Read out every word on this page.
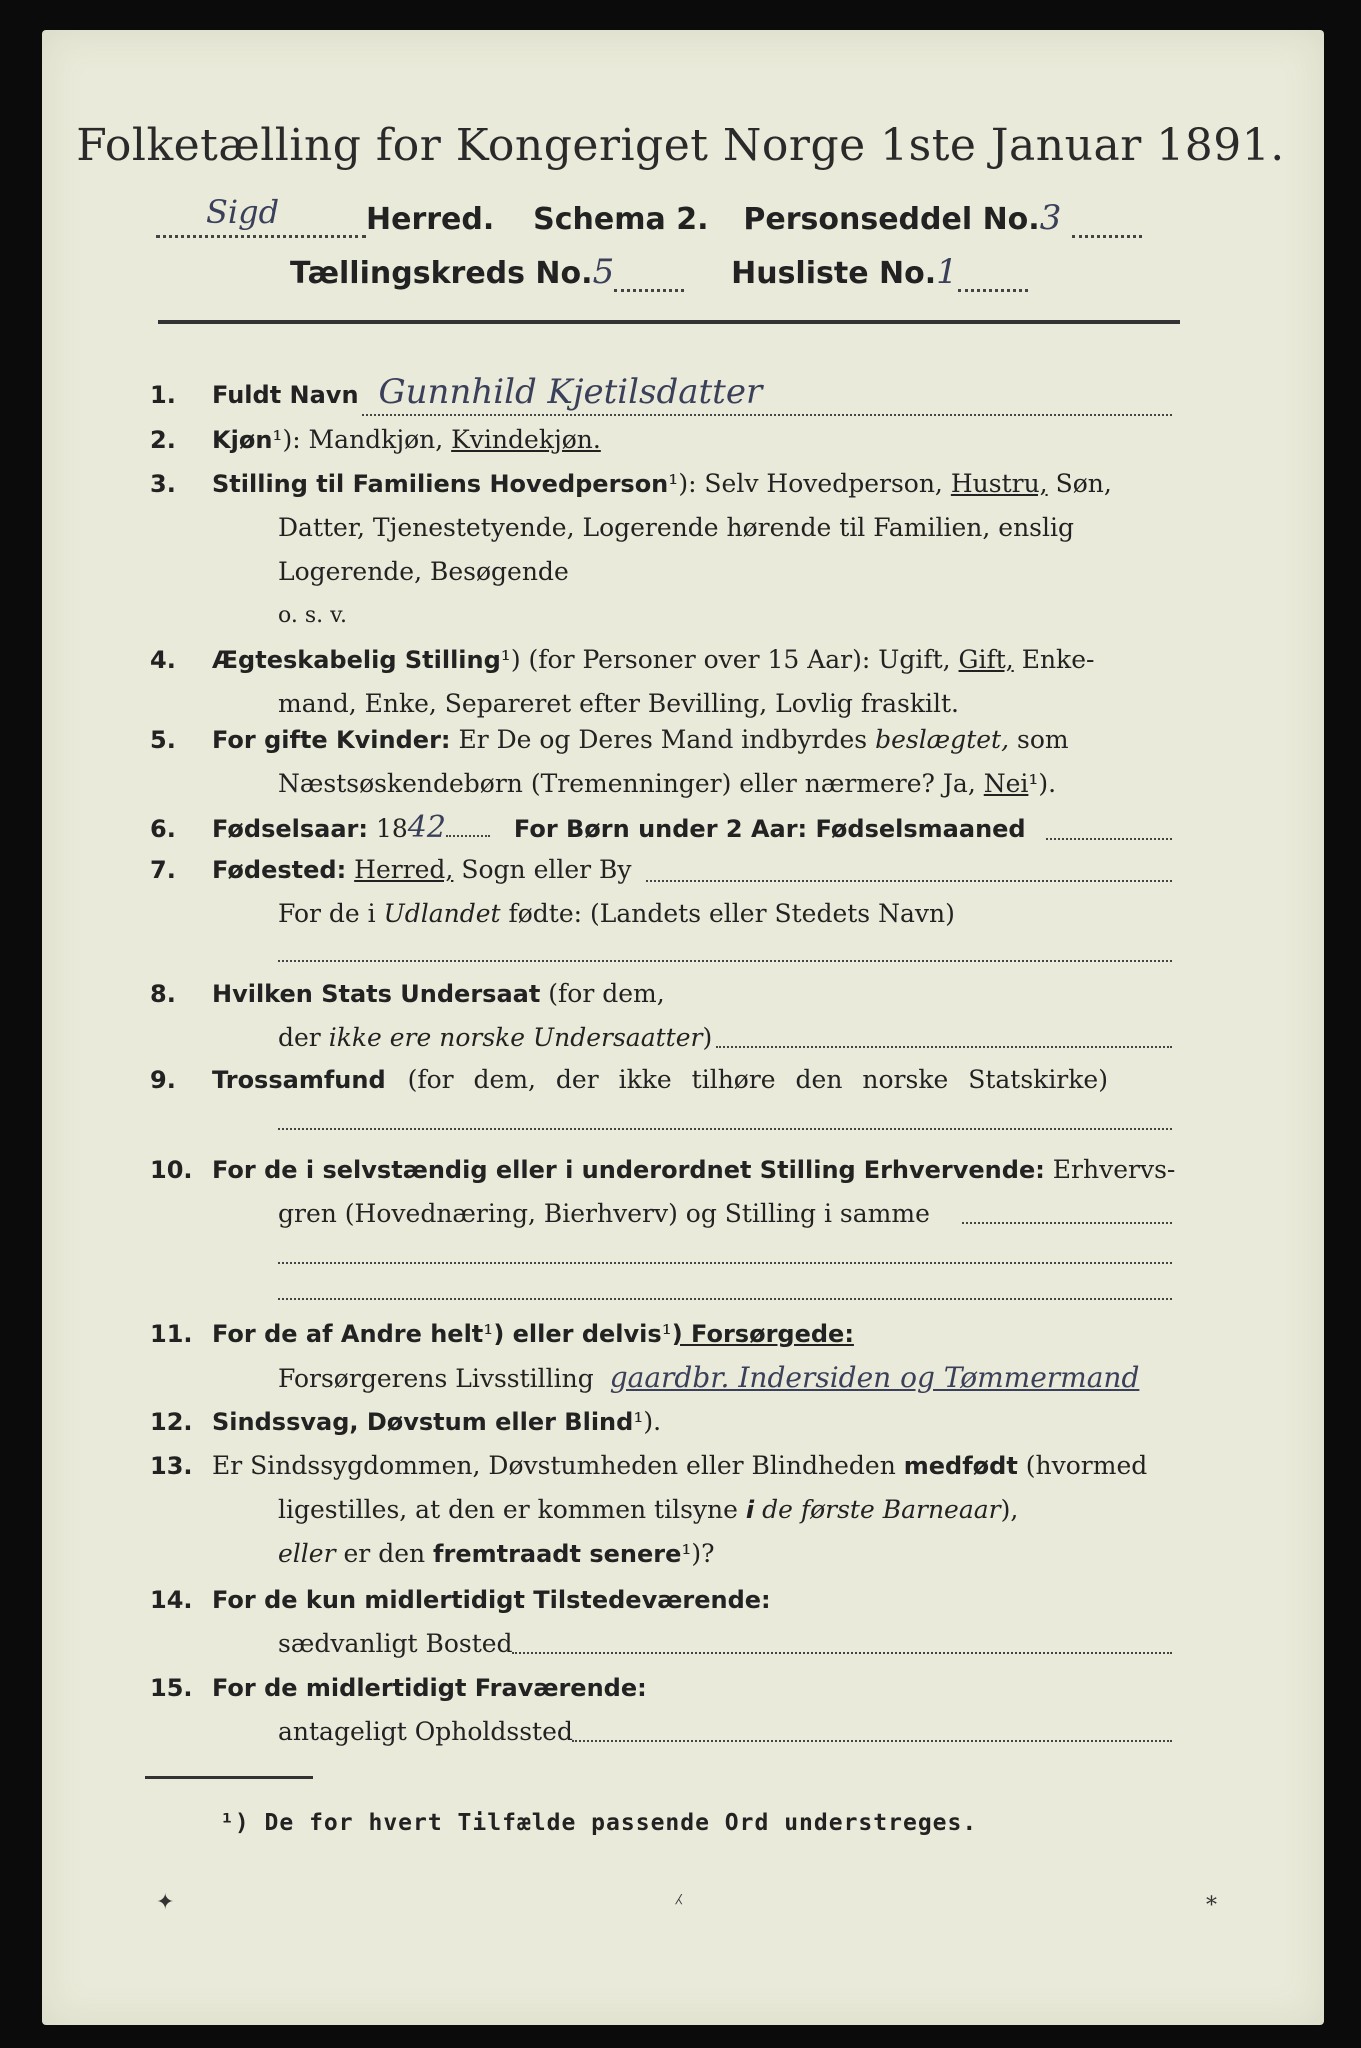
Folketælling for Kongeriget Norge 1ste Januar 1891.
Sigd	Herred. Schema 2. Personseddel No.3
Tællingskreds No.5	Husliste No.1
1. Fuldt Navn Gunnhild Kjetilsdatter
2. Kjøn¹): Mandkjøn, Kvindekjøn.
3. Stilling til Familiens Hovedperson¹): Selv Hovedperson, Hustru, Søn,
Datter, Tjenestetyende, Logerende hørende til Familien, enslig
Logerende, Besøgende
o. s. v.
4. Ægteskabelig Stilling¹) (for Personer over 15 Aar): Ugift, Gift, Enke-
mand, Enke, Separeret efter Bevilling, Lovlig fraskilt.
5. For gifte Kvinder: Er De og Deres Mand indbyrdes beslægtet, som
Næstsøskendebørn (Tremenninger) eller nærmere? Ja, Nei¹).
6. Fødselsaar: 1842	For Børn under 2 Aar: Fødselsmaaned
7. Fødested: Herred, Sogn eller By
For de i Udlandet fødte: (Landets eller Stedets Navn)
8. Hvilken Stats Undersaat (for dem,
der ikke ere norske Undersaatter)
9. Trossamfund (for dem, der ikke tilhøre den norske Statskirke)
10. For de i selvstændig eller i underordnet Stilling Erhvervende: Erhvervs-
gren (Hovednæring, Bierhverv) og Stilling i samme
11. For de af Andre helt¹) eller delvis¹) Forsørgede:
Forsørgerens Livsstilling gaardbr. Indersiden og Tømmermand
12. Sindssvag, Døvstum eller Blind¹).
13. Er Sindssygdommen, Døvstumheden eller Blindheden medfødt (hvormed
ligestilles, at den er kommen tilsyne i de første Barneaar),
eller er den fremtraadt senere¹)?
14. For de kun midlertidigt Tilstedeværende:
sædvanligt Bosted
15. For de midlertidigt Fraværende:
antageligt Opholdssted
¹) De for hvert Tilfælde passende Ord understreges.
✦	⁁	⁎
